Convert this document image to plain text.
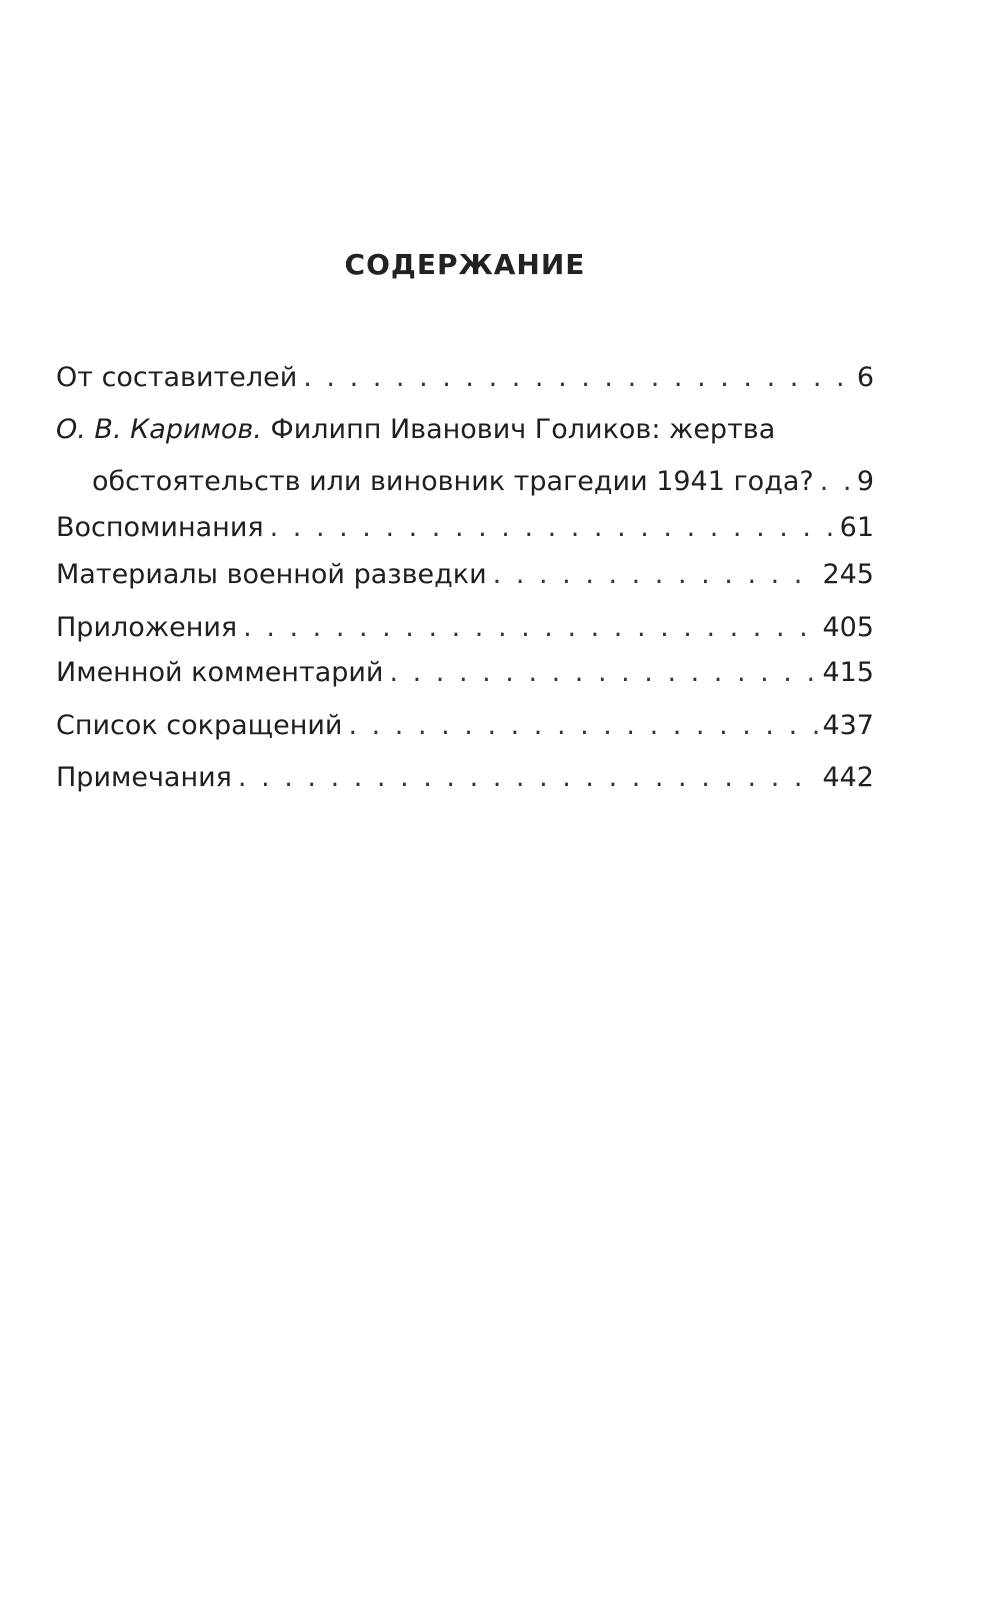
СОДЕРЖАНИЕ
От составителей . . .	6
О. В. Каримов. Филипп Иванович Голиков: жертва
обстоятельств или виновник трагедии 1941 года? . . . 9
Воспоминания . . .	61
Материалы военной разведки . . .	245
Приложения . . .	405
Именной комментарий . . .	415
Список сокращений . . .	437
Примечания . . .	442
